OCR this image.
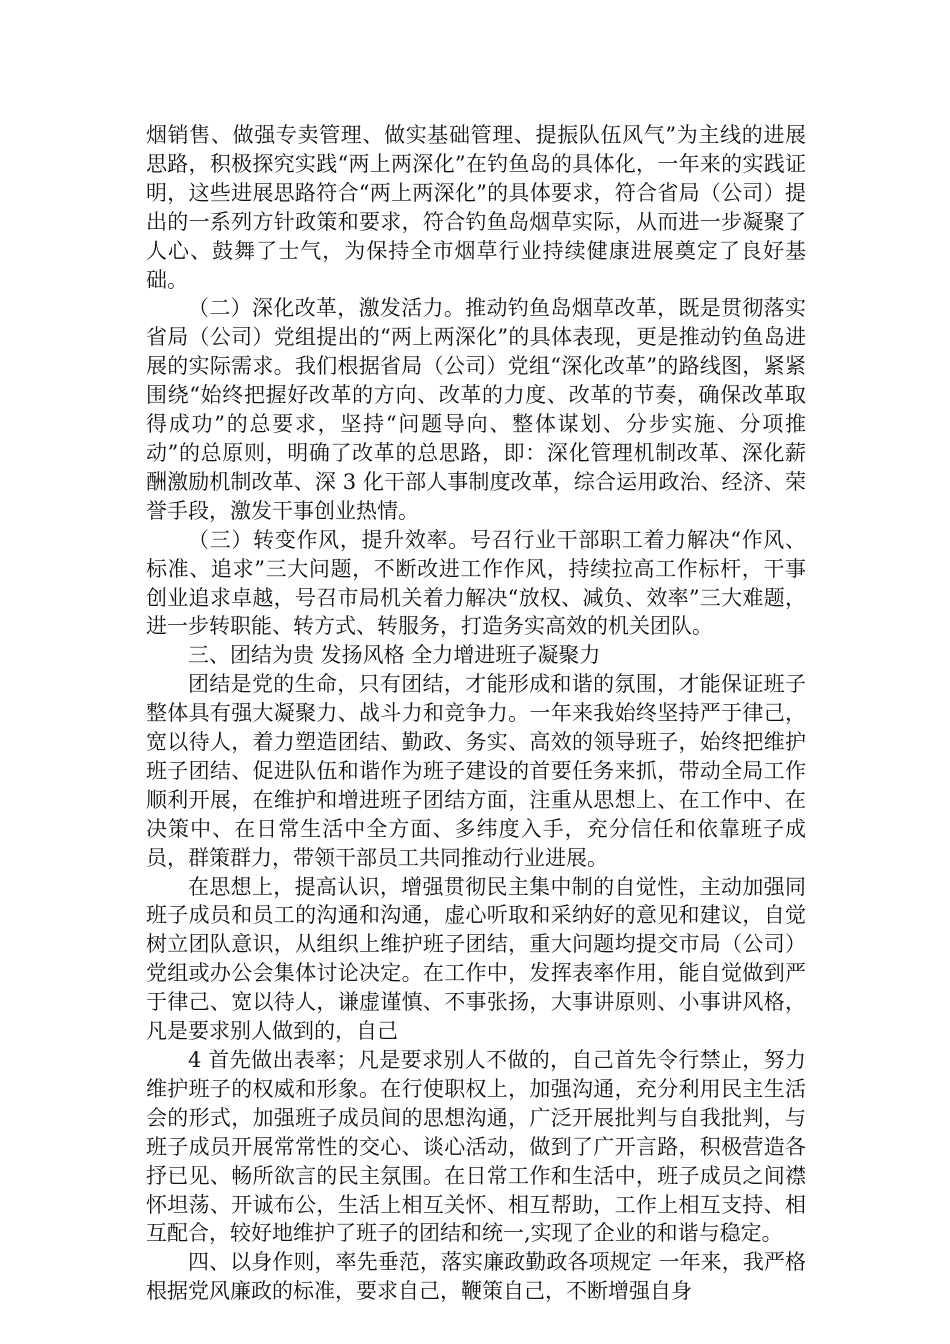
烟销售、做强专卖管理、做实基础管理、提振队伍风气”为主线的进展思路，积极探究实践“两上两深化”在钓鱼岛的具体化，一年来的实践证明，这些进展思路符合“两上两深化”的具体要求，符合省局（公司）提出的一系列方针政策和要求，符合钓鱼岛烟草实际，从而进一步凝聚了人心、鼓舞了士气，为保持全市烟草行业持续健康进展奠定了良好基础。

（二）深化改革，激发活力。推动钓鱼岛烟草改革，既是贯彻落实省局（公司）党组提出的“两上两深化”的具体表现，更是推动钓鱼岛进展的实际需求。我们根据省局（公司）党组“深化改革”的路线图，紧紧围绕“始终把握好改革的方向、改革的力度、改革的节奏，确保改革取得成功”的总要求，坚持“问题导向、整体谋划、分步实施、分项推动”的总原则，明确了改革的总思路，即：深化管理机制改革、深化薪酬激励机制改革、深 3 化干部人事制度改革，综合运用政治、经济、荣誉手段，激发干事创业热情。

（三）转变作风，提升效率。号召行业干部职工着力解决“作风、标准、追求”三大问题，不断改进工作作风，持续拉高工作标杆，干事创业追求卓越，号召市局机关着力解决“放权、减负、效率”三大难题，进一步转职能、转方式、转服务，打造务实高效的机关团队。

三、团结为贵 发扬风格 全力增进班子凝聚力

团结是党的生命，只有团结，才能形成和谐的氛围，才能保证班子整体具有强大凝聚力、战斗力和竞争力。一年来我始终坚持严于律己，宽以待人，着力塑造团结、勤政、务实、高效的领导班子，始终把维护班子团结、促进队伍和谐作为班子建设的首要任务来抓，带动全局工作顺利开展，在维护和增进班子团结方面，注重从思想上、在工作中、在决策中、在日常生活中全方面、多纬度入手，充分信任和依靠班子成员，群策群力，带领干部员工共同推动行业进展。

在思想上，提高认识，增强贯彻民主集中制的自觉性，主动加强同班子成员和员工的沟通和沟通，虚心听取和采纳好的意见和建议，自觉树立团队意识，从组织上维护班子团结，重大问题均提交市局（公司）党组或办公会集体讨论决定。在工作中，发挥表率作用，能自觉做到严于律己、宽以待人，谦虚谨慎、不事张扬，大事讲原则、小事讲风格，凡是要求别人做到的，自己

4 首先做出表率；凡是要求别人不做的，自己首先令行禁止，努力维护班子的权威和形象。在行使职权上，加强沟通，充分利用民主生活会的形式，加强班子成员间的思想沟通，广泛开展批判与自我批判，与班子成员开展常常性的交心、谈心活动，做到了广开言路，积极营造各抒已见、畅所欲言的民主氛围。在日常工作和生活中，班子成员之间襟怀坦荡、开诚布公，生活上相互关怀、相互帮助，工作上相互支持、相互配合，较好地维护了班子的团结和统一,实现了企业的和谐与稳定。

四、以身作则，率先垂范，落实廉政勤政各项规定 一年来，我严格根据党风廉政的标准，要求自己，鞭策自己，不断增强自身
